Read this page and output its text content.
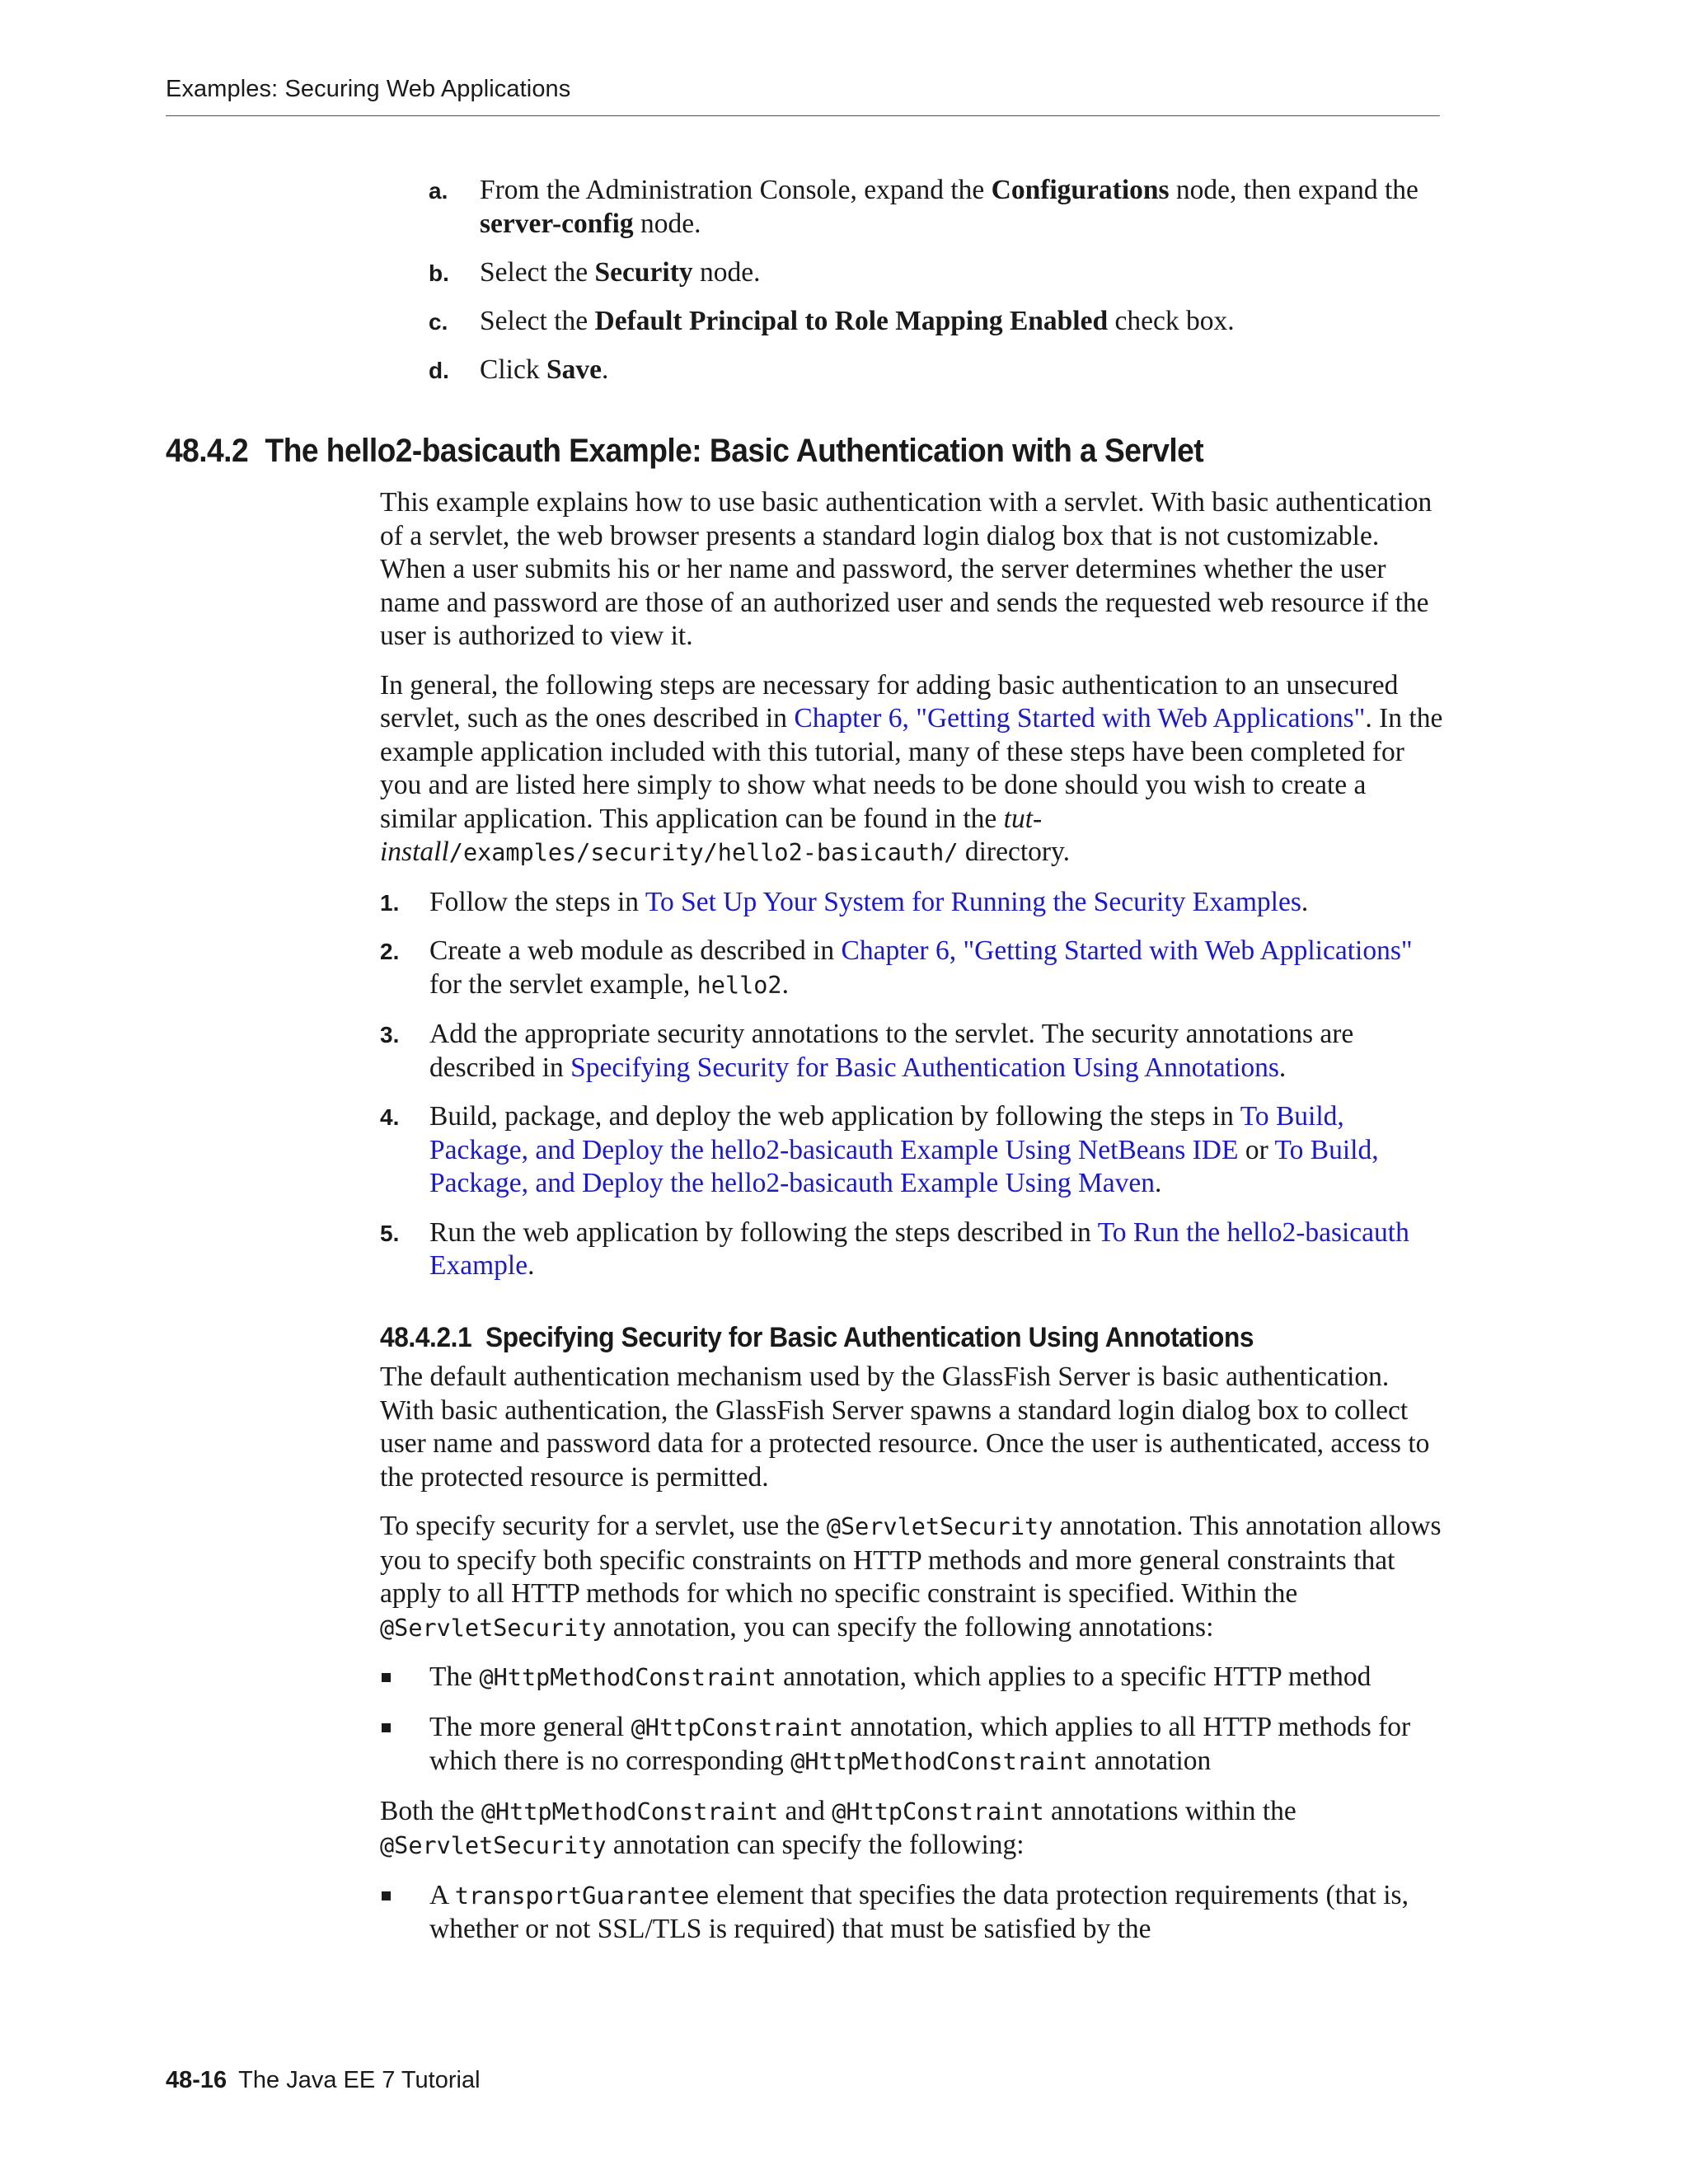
Examples: Securing Web Applications
a. From the Administration Console, expand the Configurations node, then expand the server-config node.
b. Select the Security node.
c. Select the Default Principal to Role Mapping Enabled check box.
d. Click Save.
48.4.2 The hello2-basicauth Example: Basic Authentication with a Servlet

This example explains how to use basic authentication with a servlet. With basic authentication of a servlet, the web browser presents a standard login dialog box that is not customizable. When a user submits his or her name and password, the server determines whether the user name and password are those of an authorized user and sends the requested web resource if the user is authorized to view it.

In general, the following steps are necessary for adding basic authentication to an unsecured servlet, such as the ones described in Chapter 6, "Getting Started with Web Applications". In the example application included with this tutorial, many of these steps have been completed for you and are listed here simply to show what needs to be done should you wish to create a similar application. This application can be found in the tut-install/examples/security/hello2-basicauth/ directory.

1. Follow the steps in To Set Up Your System for Running the Security Examples.
2. Create a web module as described in Chapter 6, "Getting Started with Web Applications" for the servlet example, hello2.
3. Add the appropriate security annotations to the servlet. The security annotations are described in Specifying Security for Basic Authentication Using Annotations.
4. Build, package, and deploy the web application by following the steps in To Build, Package, and Deploy the hello2-basicauth Example Using NetBeans IDE or To Build, Package, and Deploy the hello2-basicauth Example Using Maven.
5. Run the web application by following the steps described in To Run the hello2-basicauth Example.
48.4.2.1 Specifying Security for Basic Authentication Using Annotations

The default authentication mechanism used by the GlassFish Server is basic authentication. With basic authentication, the GlassFish Server spawns a standard login dialog box to collect user name and password data for a protected resource. Once the user is authenticated, access to the protected resource is permitted.

To specify security for a servlet, use the @ServletSecurity annotation. This annotation allows you to specify both specific constraints on HTTP methods and more general constraints that apply to all HTTP methods for which no specific constraint is specified. Within the @ServletSecurity annotation, you can specify the following annotations:

The @HttpMethodConstraint annotation, which applies to a specific HTTP method
The more general @HttpConstraint annotation, which applies to all HTTP methods for which there is no corresponding @HttpMethodConstraint annotation

Both the @HttpMethodConstraint and @HttpConstraint annotations within the @ServletSecurity annotation can specify the following:

A transportGuarantee element that specifies the data protection requirements (that is, whether or not SSL/TLS is required) that must be satisfied by the
48-16 The Java EE 7 Tutorial
